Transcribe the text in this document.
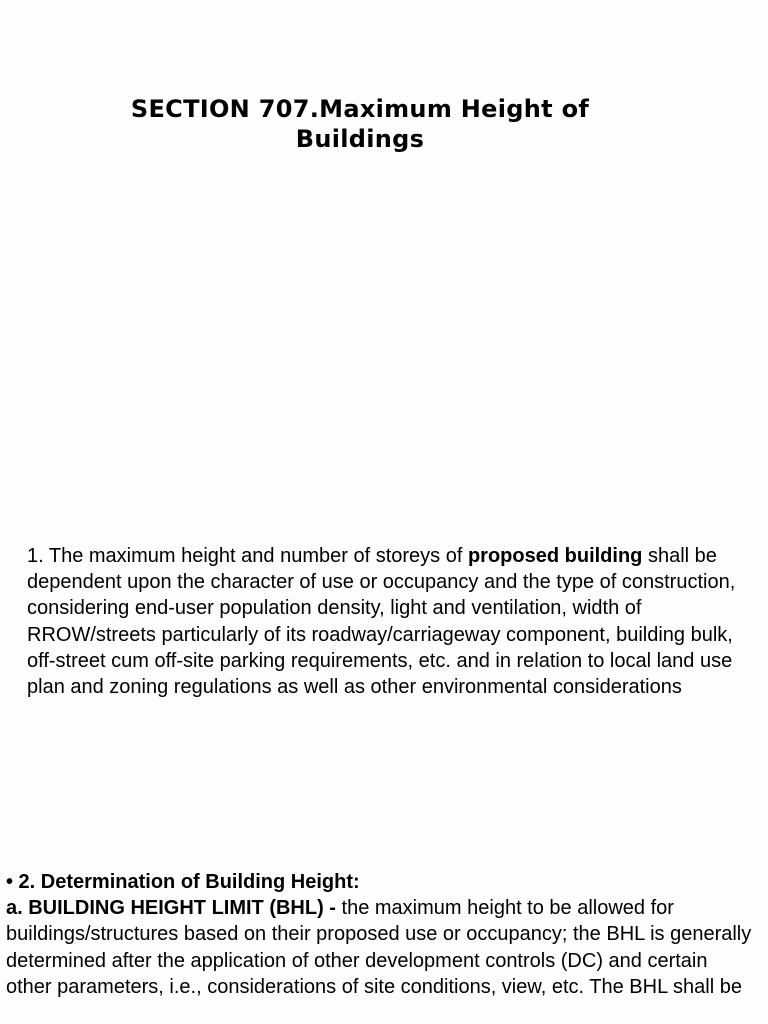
SECTION 707.Maximum Height of
Buildings
1. The maximum height and number of storeys of proposed building shall be dependent upon the character of use or occupancy and the type of construction, considering end-user population density, light and ventilation, width of RROW/streets particularly of its roadway/carriageway component, building bulk, off-street cum off-site parking requirements, etc. and in relation to local land use plan and zoning regulations as well as other environmental considerations
• 2. Determination of Building Height:
a. BUILDING HEIGHT LIMIT (BHL) - the maximum height to be allowed for buildings/structures based on their proposed use or occupancy; the BHL is generally determined after the application of other development controls (DC) and certain other parameters, i.e., considerations of site conditions, view, etc. The BHL shall be
